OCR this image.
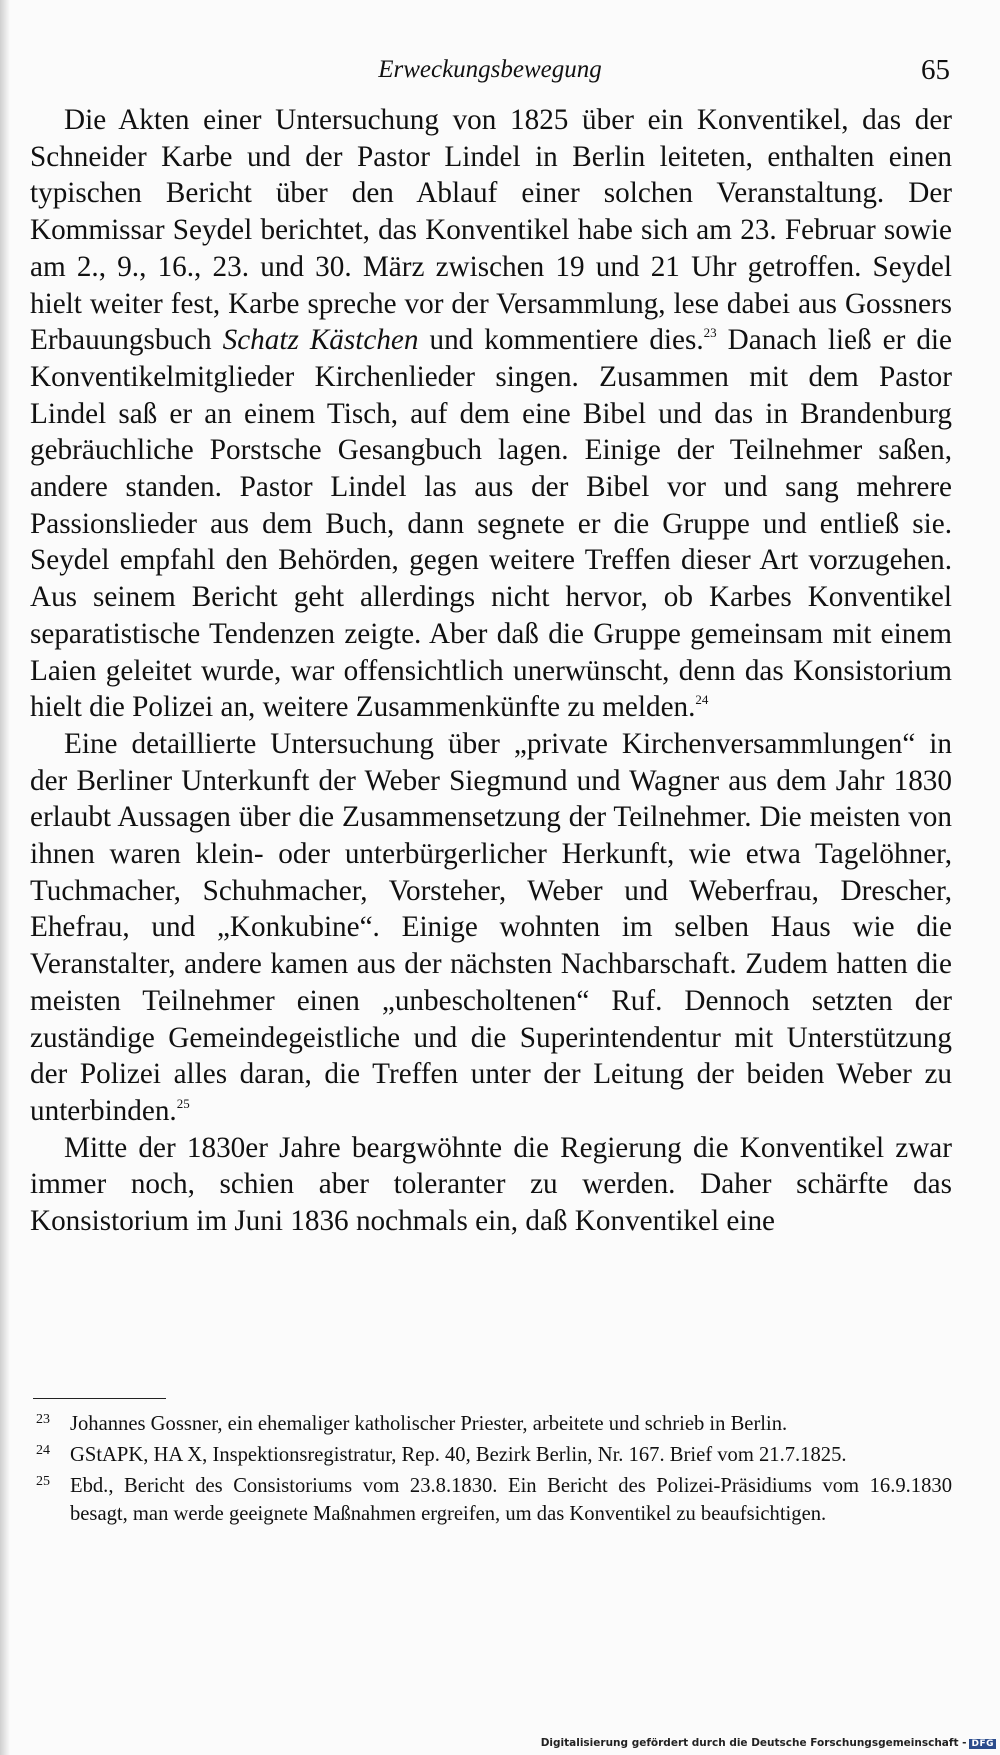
Erweckungsbewegung	65

Die Akten einer Untersuchung von 1825 über ein Konventikel, das der Schneider Karbe und der Pastor Lindel in Berlin leiteten, enthalten einen typischen Bericht über den Ablauf einer solchen Veranstaltung. Der Kommissar Seydel berichtet, das Konventikel habe sich am 23. Februar sowie am 2., 9., 16., 23. und 30. März zwischen 19 und 21 Uhr getroffen. Seydel hielt weiter fest, Karbe spreche vor der Versammlung, lese dabei aus Gossners Erbauungsbuch Schatz Kästchen und kommentiere dies.$^{23}$ Danach ließ er die Konventikelmitglieder Kirchenlieder singen. Zusammen mit dem Pastor Lindel saß er an einem Tisch, auf dem eine Bibel und das in Brandenburg gebräuchliche Porstsche Gesangbuch lagen. Einige der Teilnehmer saßen, andere standen. Pastor Lindel las aus der Bibel vor und sang mehrere Passionslieder aus dem Buch, dann segnete er die Gruppe und entließ sie. Seydel empfahl den Behörden, gegen weitere Treffen dieser Art vorzugehen. Aus seinem Bericht geht allerdings nicht hervor, ob Karbes Konventikel separatistische Tendenzen zeigte. Aber daß die Gruppe gemeinsam mit einem Laien geleitet wurde, war offensichtlich unerwünscht, denn das Konsistorium hielt die Polizei an, weitere Zusammenkünfte zu melden.$^{24}$

Eine detaillierte Untersuchung über „private Kirchenversammlungen“ in der Berliner Unterkunft der Weber Siegmund und Wagner aus dem Jahr 1830 erlaubt Aussagen über die Zusammensetzung der Teilnehmer. Die meisten von ihnen waren klein- oder unterbürgerlicher Herkunft, wie etwa Tagelöhner, Tuchmacher, Schuhmacher, Vorsteher, Weber und Weberfrau, Drescher, Ehefrau, und „Konkubine“. Einige wohnten im selben Haus wie die Veranstalter, andere kamen aus der nächsten Nachbarschaft. Zudem hatten die meisten Teilnehmer einen „unbescholtenen“ Ruf. Dennoch setzten der zuständige Gemeindegeistliche und die Superintendentur mit Unterstützung der Polizei alles daran, die Treffen unter der Leitung der beiden Weber zu unterbinden.$^{25}$

Mitte der 1830er Jahre beargwöhnte die Regierung die Konventikel zwar immer noch, schien aber toleranter zu werden. Daher schärfte das Konsistorium im Juni 1836 nochmals ein, daß Konventikel eine

23 Johannes Gossner, ein ehemaliger katholischer Priester, arbeitete und schrieb in Berlin.
24 GStAPK, HA X, Inspektionsregistratur, Rep. 40, Bezirk Berlin, Nr. 167. Brief vom 21.7.1825.
25 Ebd., Bericht des Consistoriums vom 23.8.1830. Ein Bericht des Polizei-Präsidiums vom 16.9.1830 besagt, man werde geeignete Maßnahmen ergreifen, um das Konventikel zu beaufsichtigen.
Digitalisierung gefördert durch die Deutsche Forschungsgemeinschaft - DFG
